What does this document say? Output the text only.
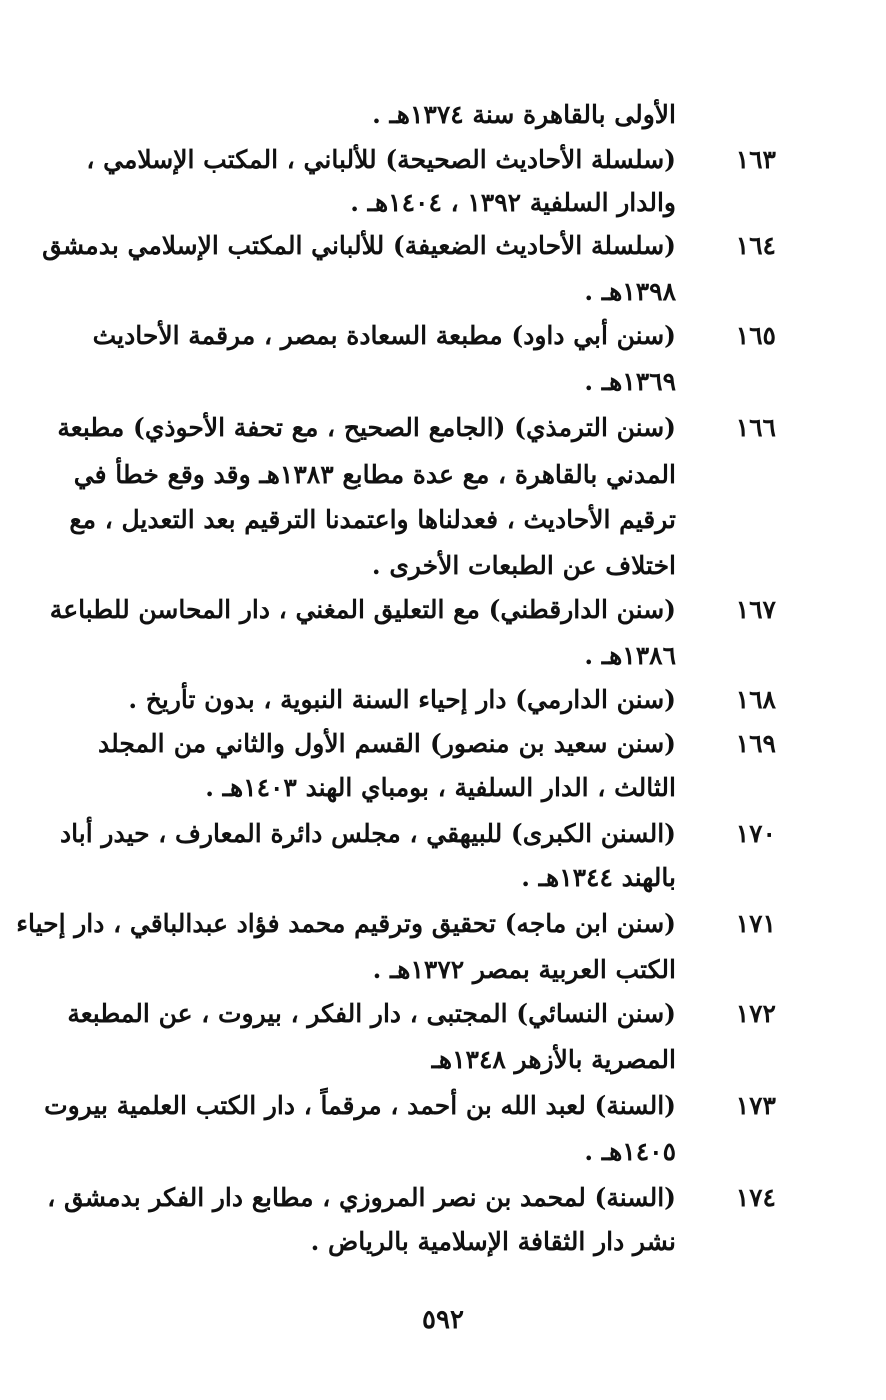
الأولى بالقاهرة سنة ١٣٧٤هـ .
١٦٣
(سلسلة الأحاديث الصحيحة) للألباني ، المكتب الإسلامي ،
والدار السلفية ١٣٩٢ ، ١٤٠٤هـ .
١٦٤
(سلسلة الأحاديث الضعيفة) للألباني المكتب الإسلامي بدمشق
١٣٩٨هـ .
١٦٥
(سنن أبي داود) مطبعة السعادة بمصر ، مرقمة الأحاديث
١٣٦٩هـ .
١٦٦
(سنن الترمذي) (الجامع الصحيح ، مع تحفة الأحوذي) مطبعة
المدني بالقاهرة ، مع عدة مطابع ١٣٨٣هـ وقد وقع خطأ في
ترقيم الأحاديث ، فعدلناها واعتمدنا الترقيم بعد التعديل ، مع
اختلاف عن الطبعات الأخرى .
١٦٧
(سنن الدارقطني) مع التعليق المغني ، دار المحاسن للطباعة
١٣٨٦هـ .
١٦٨
(سنن الدارمي) دار إحياء السنة النبوية ، بدون تأريخ .
١٦٩
(سنن سعيد بن منصور) القسم الأول والثاني من المجلد
الثالث ، الدار السلفية ، بومباي الهند ١٤٠٣هـ .
١٧٠
(السنن الكبرى) للبيهقي ، مجلس دائرة المعارف ، حيدر أباد
بالهند ١٣٤٤هـ .
١٧١
(سنن ابن ماجه) تحقيق وترقيم محمد فؤاد عبدالباقي ، دار إحياء
الكتب العربية بمصر ١٣٧٢هـ .
١٧٢
(سنن النسائي) المجتبى ، دار الفكر ، بيروت ، عن المطبعة
المصرية بالأزهر ١٣٤٨هـ
١٧٣
(السنة) لعبد الله بن أحمد ، مرقماً ، دار الكتب العلمية بيروت
١٤٠٥هـ .
١٧٤
(السنة) لمحمد بن نصر المروزي ، مطابع دار الفكر بدمشق ،
نشر دار الثقافة الإسلامية بالرياض .
٥٩٢
